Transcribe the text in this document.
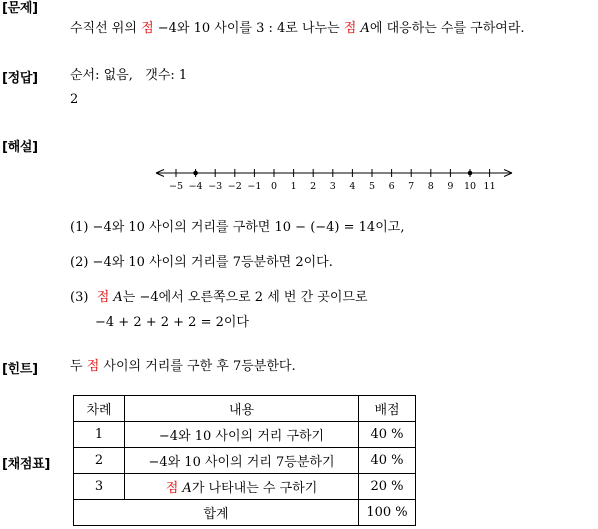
[문제]
수직선 위의 점 −4와 10 사이를 3 : 4로 나누는 점 A에 대응하는 수를 구하여라.
[정답] 순서: 없음,   갯수: 1
2
[해설]
−5 −4 −3 −2 −1 0 1 2 3 4 5 6 7 8 9 10 11
(1) −4와 10 사이의 거리를 구하면 10 − (−4) = 14이고,
(2) −4와 10 사이의 거리를 7등분하면 2이다.
(3)  점 A는 −4에서 오른쪽으로 2 세 번 간 곳이므로
−4 + 2 + 2 + 2 = 2이다
[힌트] 두 점 사이의 거리를 구한 후 7등분한다.
[채점표]
차례	내용	배점
1	−4와 10 사이의 거리 구하기	40 %
2	−4와 10 사이의 거리 7등분하기	40 %
3	점 A가 나타내는 수 구하기	20 %
합계		100 %
